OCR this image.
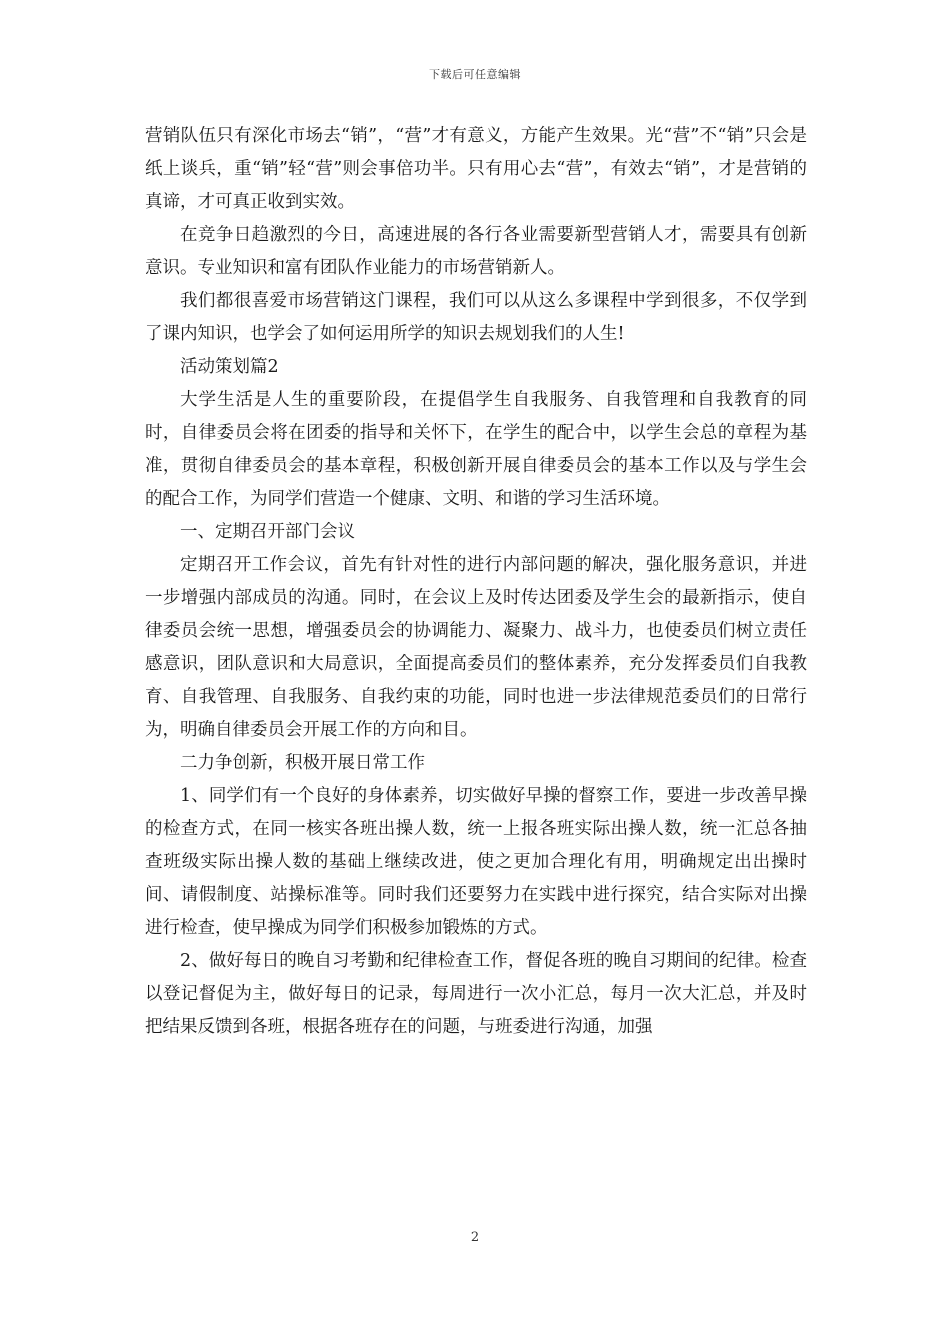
下载后可任意编辑

营销队伍只有深化市场去“销”，“营”才有意义，方能产生效果。光“营”不“销”只会是纸上谈兵，重“销”轻“营”则会事倍功半。只有用心去“营”，有效去“销”，才是营销的真谛，才可真正收到实效。

在竞争日趋激烈的今日，高速进展的各行各业需要新型营销人才，需要具有创新意识。专业知识和富有团队作业能力的市场营销新人。

我们都很喜爱市场营销这门课程，我们可以从这么多课程中学到很多，不仅学到了课内知识，也学会了如何运用所学的知识去规划我们的人生!

活动策划篇2

大学生活是人生的重要阶段，在提倡学生自我服务、自我管理和自我教育的同时，自律委员会将在团委的指导和关怀下，在学生的配合中，以学生会总的章程为基准，贯彻自律委员会的基本章程，积极创新开展自律委员会的基本工作以及与学生会的配合工作，为同学们营造一个健康、文明、和谐的学习生活环境。

一、定期召开部门会议

定期召开工作会议，首先有针对性的进行内部问题的解决，强化服务意识，并进一步增强内部成员的沟通。同时，在会议上及时传达团委及学生会的最新指示，使自律委员会统一思想，增强委员会的协调能力、凝聚力、战斗力，也使委员们树立责任感意识，团队意识和大局意识，全面提高委员们的整体素养，充分发挥委员们自我教育、自我管理、自我服务、自我约束的功能，同时也进一步法律规范委员们的日常行为，明确自律委员会开展工作的方向和目。

二力争创新，积极开展日常工作

1、同学们有一个良好的身体素养，切实做好早操的督察工作，要进一步改善早操的检查方式，在同一核实各班出操人数，统一上报各班实际出操人数，统一汇总各抽查班级实际出操人数的基础上继续改进，使之更加合理化有用，明确规定出出操时间、请假制度、站操标准等。同时我们还要努力在实践中进行探究，结合实际对出操进行检查，使早操成为同学们积极参加锻炼的方式。

2、做好每日的晚自习考勤和纪律检查工作，督促各班的晚自习期间的纪律。检查以登记督促为主，做好每日的记录，每周进行一次小汇总，每月一次大汇总，并及时把结果反馈到各班，根据各班存在的问题，与班委进行沟通，加强

2
